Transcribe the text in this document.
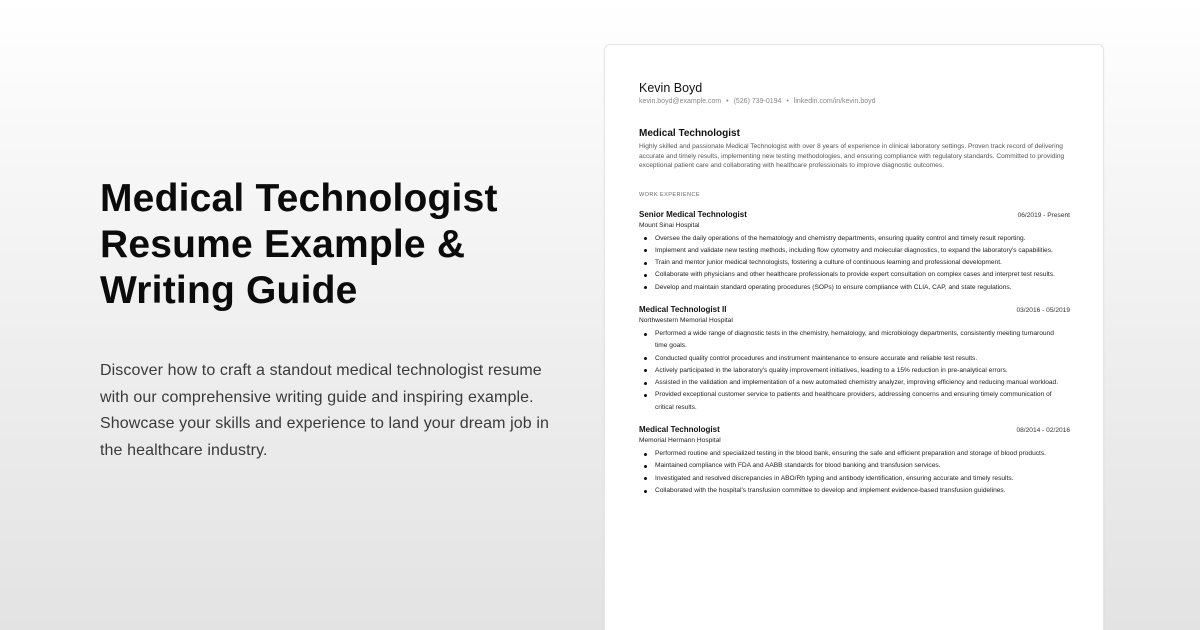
Medical Technologist
Resume Example &
Writing Guide

Discover how to craft a standout medical technologist resume with our comprehensive writing guide and inspiring example. Showcase your skills and experience to land your dream job in the healthcare industry.

Kevin Boyd
kevin.boyd@example.com • (526) 739-0194 • linkedin.com/in/kevin.boyd
Medical Technologist
Highly skilled and passionate Medical Technologist with over 8 years of experience in clinical laboratory settings. Proven track record of delivering accurate and timely results, implementing new testing methodologies, and ensuring compliance with regulatory standards. Committed to providing exceptional patient care and collaborating with healthcare professionals to improve diagnostic outcomes.
WORK EXPERIENCE
Senior Medical Technologist	06/2019 - Present
Mount Sinai Hospital
Oversee the daily operations of the hematology and chemistry departments, ensuring quality control and timely result reporting.
Implement and validate new testing methods, including flow cytometry and molecular diagnostics, to expand the laboratory's capabilities.
Train and mentor junior medical technologists, fostering a culture of continuous learning and professional development.
Collaborate with physicians and other healthcare professionals to provide expert consultation on complex cases and interpret test results.
Develop and maintain standard operating procedures (SOPs) to ensure compliance with CLIA, CAP, and state regulations.
Medical Technologist II	03/2016 - 05/2019
Northwestern Memorial Hospital
Performed a wide range of diagnostic tests in the chemistry, hematology, and microbiology departments, consistently meeting turnaround time goals.
Conducted quality control procedures and instrument maintenance to ensure accurate and reliable test results.
Actively participated in the laboratory's quality improvement initiatives, leading to a 15% reduction in pre-analytical errors.
Assisted in the validation and implementation of a new automated chemistry analyzer, improving efficiency and reducing manual workload.
Provided exceptional customer service to patients and healthcare providers, addressing concerns and ensuring timely communication of critical results.
Medical Technologist	08/2014 - 02/2016
Memorial Hermann Hospital
Performed routine and specialized testing in the blood bank, ensuring the safe and efficient preparation and storage of blood products.
Maintained compliance with FDA and AABB standards for blood banking and transfusion services.
Investigated and resolved discrepancies in ABO/Rh typing and antibody identification, ensuring accurate and timely results.
Collaborated with the hospital's transfusion committee to develop and implement evidence-based transfusion guidelines.
